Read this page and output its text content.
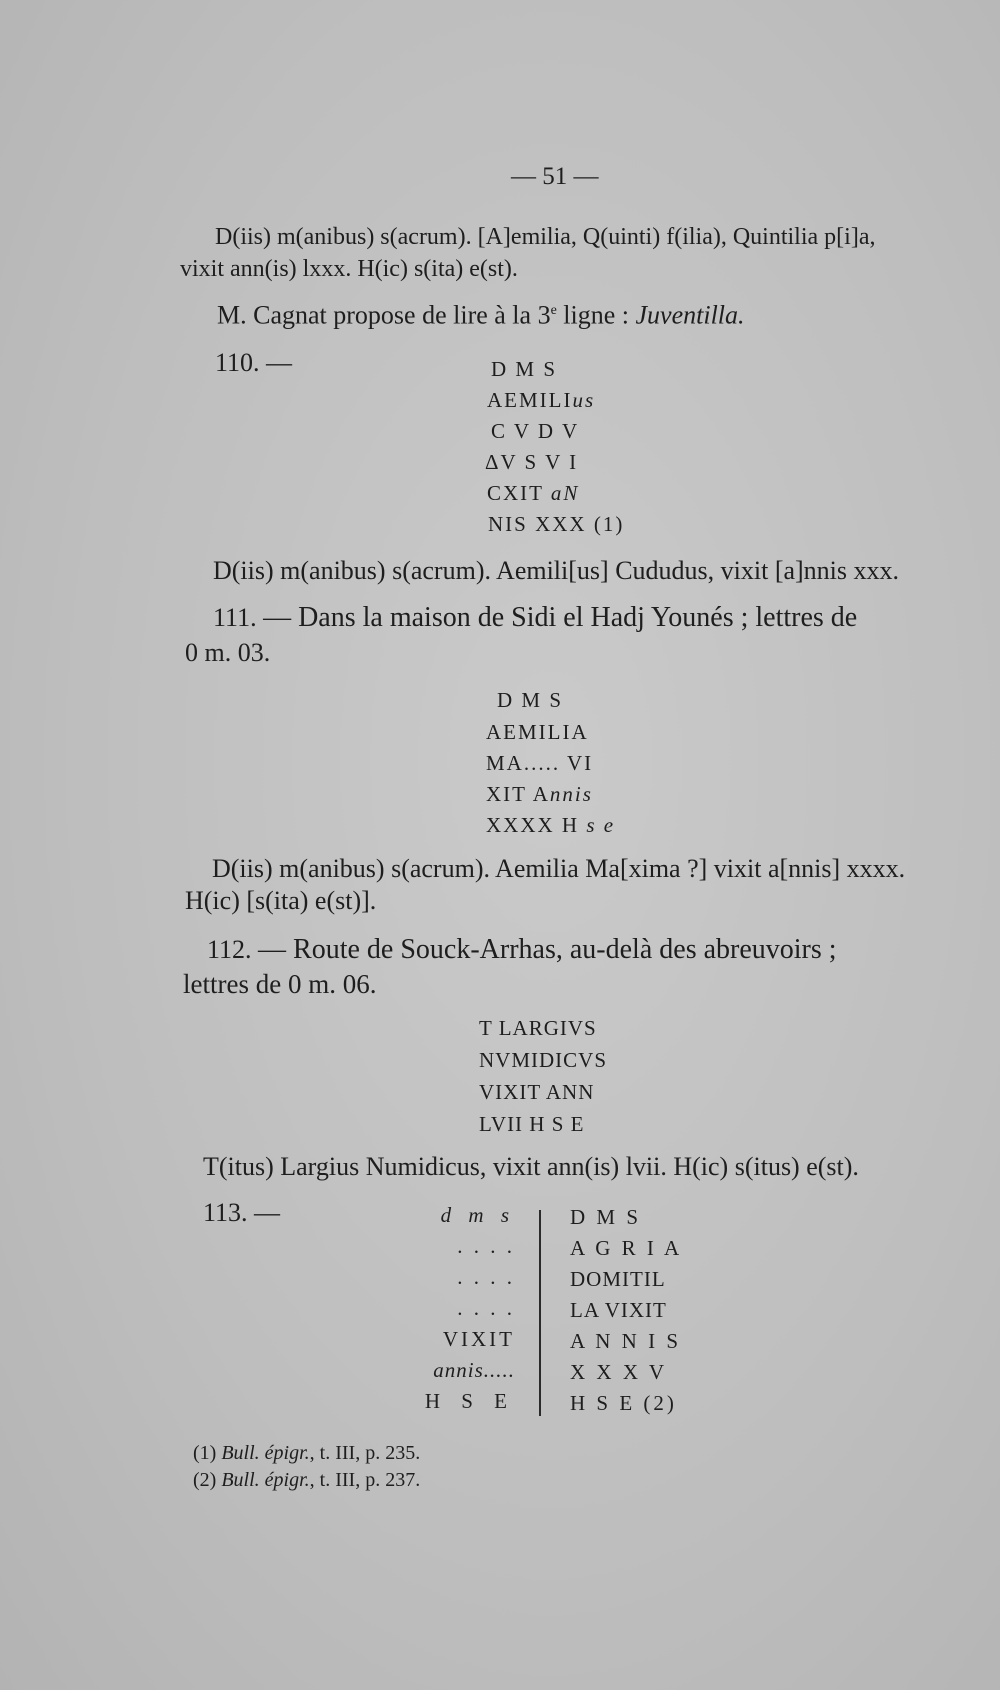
— 51 —
D(iis) m(anibus) s(acrum). [A]emilia, Q(uinti) f(ilia), Quintilia p[i]a,
vixit ann(is) lxxx. H(ic) s(ita) e(st).
M. Cagnat propose de lire à la 3e ligne : Juventilla.
110. —	D M S
AEMILIus
C V D V
ΔV S V I
CXIT aN
NIS XXX (1)
D(iis) m(anibus) s(acrum). Aemili[us] Cududus, vixit [a]nnis xxx.
111. — Dans la maison de Sidi el Hadj Younés ; lettres de
0 m. 03.
D M S
AEMILIA
MA..... VI
XIT Annis
XXXX H s e
D(iis) m(anibus) s(acrum). Aemilia Ma[xima ?] vixit a[nnis] xxxx.
H(ic) [s(ita) e(st)].
112. — Route de Souck-Arrhas, au-delà des abreuvoirs ;
lettres de 0 m. 06.
T LARGIVS
NVMIDICVS
VIXIT ANN
LVII H S E
T(itus) Largius Numidicus, vixit ann(is) lvii. H(ic) s(itus) e(st).
113. —	d m s
. . . .
. . . .
. . . .
VIXIT
annis.....
H S E
D M S
A G R I A
DOMITIL
LA VIXIT
A N N I S
X X X V
H S E (2)
(1) Bull. épigr., t. III, p. 235.
(2) Bull. épigr., t. III, p. 237.
